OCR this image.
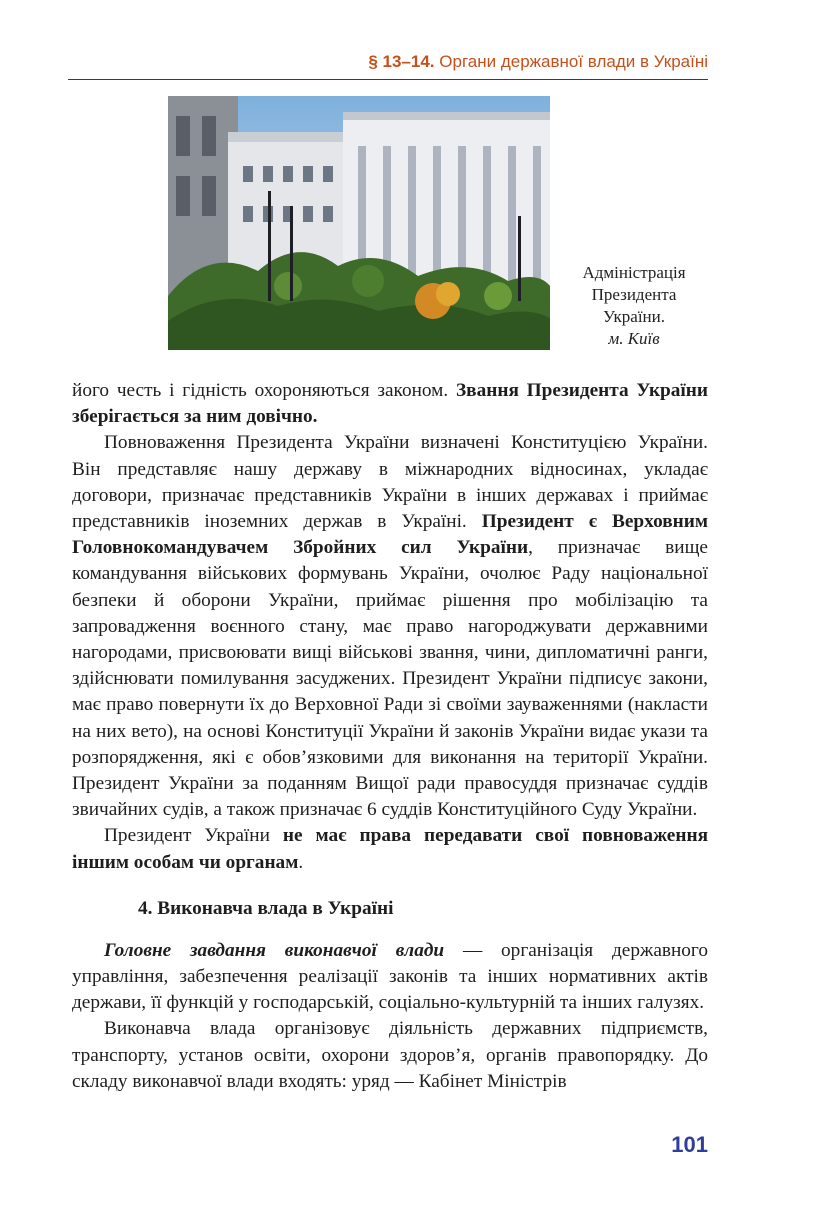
§ 13–14. Органи державної влади в Україні
Адміністрація
Президента
України.
м. Київ

його честь і гідність охороняються законом. Звання Президента України зберігається за ним довічно.

Повноваження Президента України визначені Конституцією України. Він представляє нашу державу в міжнародних відносинах, укладає договори, призначає представників України в інших державах і приймає представників іноземних держав в Україні. Президент є Верховним Головнокомандувачем Збройних сил України, призначає вище командування військових формувань України, очолює Раду національної безпеки й оборони України, приймає рішення про мобілізацію та запровадження воєнного стану, має право нагороджувати державними нагородами, присвоювати вищі військові звання, чини, дипломатичні ранги, здійснювати помилування засуджених. Президент України підписує закони, має право повернути їх до Верховної Ради зі своїми зауваженнями (накласти на них вето), на основі Конституції України й законів України видає укази та розпорядження, які є обов’язковими для виконання на території України. Президент України за поданням Вищої ради правосуддя призначає суддів звичайних судів, а також призначає 6 суддів Конституційного Суду України.

Президент України не має права передавати свої повноваження іншим особам чи органам.

4. Виконавча влада в Україні

Головне завдання виконавчої влади — організація державного управління, забезпечення реалізації законів та інших нормативних актів держави, її функцій у господарській, соціально-культурній та інших галузях.

Виконавча влада організовує діяльність державних підприємств, транспорту, установ освіти, охорони здоров’я, органів правопорядку. До складу виконавчої влади входять: уряд — Кабінет Міністрів

101
